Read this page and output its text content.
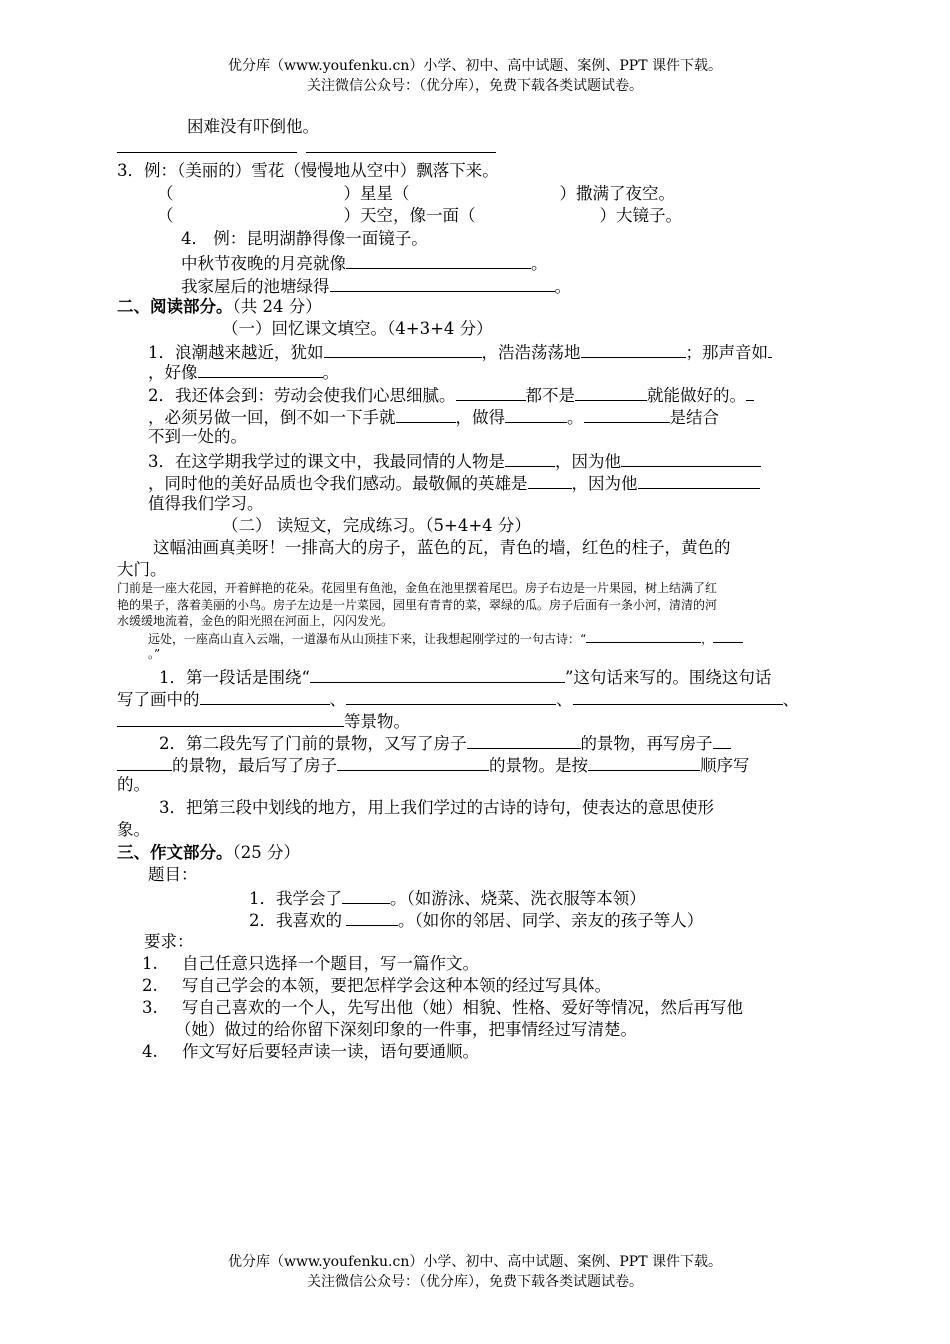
优分库（www.youfenku.cn）小学、初中、高中试题、案例、PPT 课件下载。
关注微信公众号：（优分库），免费下载各类试题试卷。
困难没有吓倒他。
3．例：（美丽的）雪花（慢慢地从空中）飘落下来。
（	）星星（	）撒满了夜空。
（	）天空，像一面（	）大镜子。
4． 例：昆明湖静得像一面镜子。
中秋节夜晚的月亮就像	。
我家屋后的池塘绿得	。
二、阅读部分。（共 24 分）
（一）回忆课文填空。（4+3+4 分）
1．浪潮越来越近，犹如	，浩浩荡荡地	；那声音如
，好像	。
2．我还体会到：劳动会使我们心思细腻。	都不是	就能做好的。
，必须另做一回，倒不如一下手就	，做得	。	是结合
不到一处的。
3．在这学期我学过的课文中，我最同情的人物是	，因为他
，同时他的美好品质也令我们感动。最敬佩的英雄是	，因为他
值得我们学习。
（二） 读短文，完成练习。（5+4+4 分）
这幅油画真美呀！一排高大的房子，蓝色的瓦，青色的墙，红色的柱子，黄色的
大门。
门前是一座大花园，开着鲜艳的花朵。花园里有鱼池，金鱼在池里摆着尾巴。房子右边是一片果园，树上结满了红
艳的果子，落着美丽的小鸟。房子左边是一片菜园，园里有青青的菜，翠绿的瓜。房子后面有一条小河，清清的河
水缓缓地流着，金色的阳光照在河面上，闪闪发光。
远处，一座高山直入云端，一道瀑布从山顶挂下来，让我想起刚学过的一句古诗：“	，
。”
1．第一段话是围绕“	”这句话来写的。围绕这句话
写了画中的	、	、	、
等景物。
2．第二段先写了门前的景物，又写了房子	的景物，再写房子
的景物，最后写了房子	的景物。是按	顺序写
的。
3．把第三段中划线的地方，用上我们学过的古诗的诗句，使表达的意思使形
象。
三、作文部分。（25 分）
题目：
1．我学会了	。（如游泳、烧菜、洗衣服等本领）
2．我喜欢的	。（如你的邻居、同学、亲友的孩子等人）
要求：
1. 自己任意只选择一个题目，写一篇作文。
2. 写自己学会的本领，要把怎样学会这种本领的经过写具体。
3. 写自己喜欢的一个人，先写出他（她）相貌、性格、爱好等情况，然后再写他
（她）做过的给你留下深刻印象的一件事，把事情经过写清楚。
4. 作文写好后要轻声读一读，语句要通顺。
优分库（www.youfenku.cn）小学、初中、高中试题、案例、PPT 课件下载。
关注微信公众号：（优分库），免费下载各类试题试卷。
